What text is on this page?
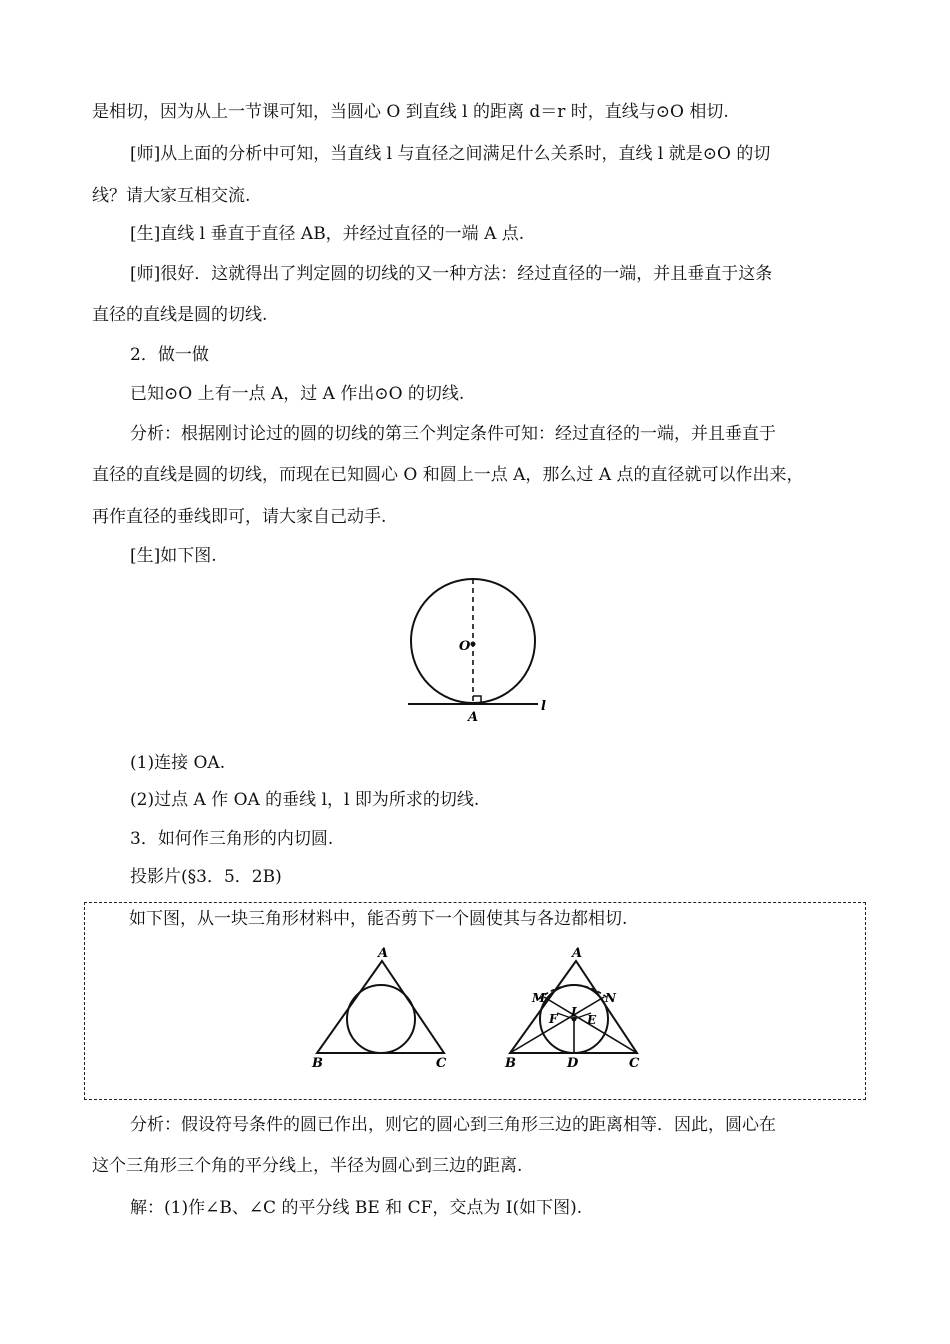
是相切，因为从上一节课可知，当圆心 O 到直线 l 的距离 d＝r 时，直线与⊙O 相切.
[师]从上面的分析中可知，当直线 l 与直径之间满足什么关系时，直线 l 就是⊙O 的切
线？请大家互相交流.
[生]直线 l 垂直于直径 AB，并经过直径的一端 A 点.
[师]很好．这就得出了判定圆的切线的又一种方法：经过直径的一端，并且垂直于这条
直径的直线是圆的切线.
2．做一做
已知⊙O 上有一点 A，过 A 作出⊙O 的切线.
分析：根据刚讨论过的圆的切线的第三个判定条件可知：经过直径的一端，并且垂直于
直径的直线是圆的切线，而现在已知圆心 O 和圆上一点 A，那么过 A 点的直径就可以作出来，
再作直径的垂线即可，请大家自己动手.
[生]如下图.
(1)连接 OA.
(2)过点 A 作 OA 的垂线 l，l 即为所求的切线.
3．如何作三角形的内切圆.
投影片(§3．5．2B)
分析：假设符号条件的圆已作出，则它的圆心到三角形三边的距离相等．因此，圆心在
这个三角形三个角的平分线上，半径为圆心到三边的距离.
解：(1)作∠B、∠C 的平分线 BE 和 CF，交点为 I(如下图).
O
A
l
如下图，从一块三角形材料中，能否剪下一个圆使其与各边都相切.
A
B	C
A
B	C
D
E
F I
M	N
